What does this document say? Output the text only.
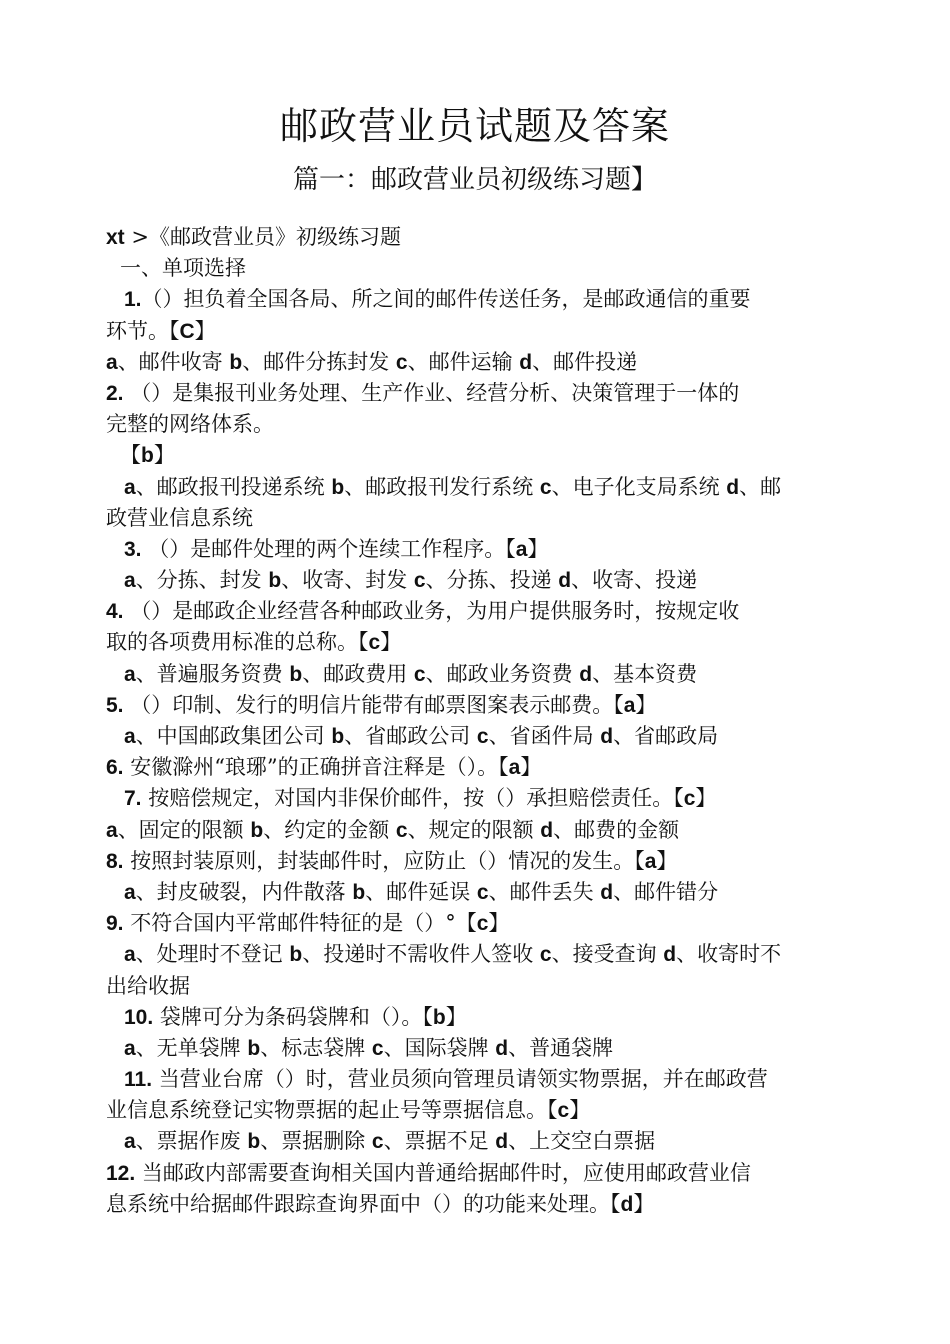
邮政营业员试题及答案
篇一：邮政营业员初级练习题】
xt >《邮政营业员》初级练习题
一、单项选择
1.（）担负着全国各局、所之间的邮件传送任务，是邮政通信的重要
环节。【C】
a、邮件收寄 b、邮件分拣封发 c、邮件运输 d、邮件投递
2. （）是集报刊业务处理、生产作业、经营分析、决策管理于一体的
完整的网络体系。
【b】
a、邮政报刊投递系统 b、邮政报刊发行系统 c、电子化支局系统 d、邮
政营业信息系统
3. （）是邮件处理的两个连续工作程序。【a】
a、分拣、封发 b、收寄、封发 c、分拣、投递 d、收寄、投递
4. （）是邮政企业经营各种邮政业务，为用户提供服务时，按规定收
取的各项费用标准的总称。【c】
a、普遍服务资费 b、邮政费用 c、邮政业务资费 d、基本资费
5. （）印制、发行的明信片能带有邮票图案表示邮费。【a】
a、中国邮政集团公司 b、省邮政公司 c、省函件局 d、省邮政局
6. 安徽滁州“琅琊”的正确拼音注释是（）。【a】
7. 按赔偿规定，对国内非保价邮件，按（）承担赔偿责任。【c】
a、固定的限额 b、约定的金额 c、规定的限额 d、邮费的金额
8. 按照封装原则，封装邮件时，应防止（）情况的发生。【a】
a、封皮破裂，内件散落 b、邮件延误 c、邮件丢失 d、邮件错分
9. 不符合国内平常邮件特征的是（）°【c】
a、处理时不登记 b、投递时不需收件人签收 c、接受查询 d、收寄时不
出给收据
10. 袋牌可分为条码袋牌和（）。【b】
a、无单袋牌 b、标志袋牌 c、国际袋牌 d、普通袋牌
11. 当营业台席（）时，营业员须向管理员请领实物票据，并在邮政营
业信息系统登记实物票据的起止号等票据信息。【c】
a、票据作废 b、票据删除 c、票据不足 d、上交空白票据
12. 当邮政内部需要查询相关国内普通给据邮件时，应使用邮政营业信
息系统中给据邮件跟踪查询界面中（）的功能来处理。【d】
